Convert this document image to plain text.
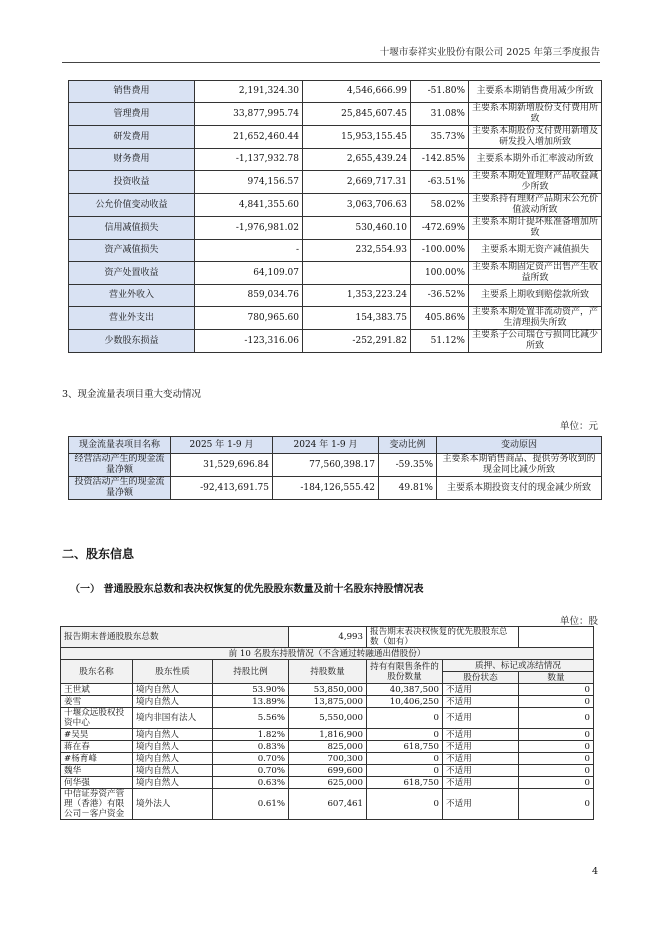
十堰市泰祥实业股份有限公司 2025 年第三季度报告
销售费用	2,191,324.30	4,546,666.99	-51.80%	主要系本期销售费用减少所致
管理费用	33,877,995.74	25,845,607.45	31.08%	主要系本期新增股份支付费用所致
研发费用	21,652,460.44	15,953,155.45	35.73%	主要系本期股份支付费用新增及研发投入增加所致
财务费用	-1,137,932.78	2,655,439.24	-142.85%	主要系本期外币汇率波动所致
投资收益	974,156.57	2,669,717.31	-63.51%	主要系本期处置理财产品收益减少所致
公允价值变动收益	4,841,355.60	3,063,706.63	58.02%	主要系持有理财产品期末公允价值波动所致
信用减值损失	-1,976,981.02	530,460.10	-472.69%	主要系本期计提坏账准备增加所致
资产减值损失	-	232,554.93	-100.00%	主要系本期无资产减值损失
资产处置收益	64,109.07		100.00%	主要系本期固定资产出售产生收益所致
营业外收入	859,034.76	1,353,223.24	-36.52%	主要系上期收到赔偿款所致
营业外支出	780,965.60	154,383.75	405.86%	主要系本期处置非流动资产，产生清理损失所致
少数股东损益	-123,316.06	-252,291.82	51.12%	主要系子公司瑞仓亏损同比减少所致
3、现金流量表项目重大变动情况
单位：元
现金流量表项目名称	2025 年 1-9 月	2024 年 1-9 月	变动比例	变动原因
经营活动产生的现金流量净额	31,529,696.84	77,560,398.17	-59.35%	主要系本期销售商品、提供劳务收到的现金同比减少所致
投资活动产生的现金流量净额	-92,413,691.75	-184,126,555.42	49.81%	主要系本期投资支付的现金减少所致
二、股东信息
（一） 普通股股东总数和表决权恢复的优先股股东数量及前十名股东持股情况表
单位：股
报告期末普通股股东总数			4,993	报告期末表决权恢复的优先股股东总数（如有）		
前 10 名股东持股情况（不含通过转融通出借股份）						
股东名称	股东性质	持股比例	持股数量	持有有限售条件的股份数量	质押、标记或冻结情况	
					股份状态	数量
王世斌	境内自然人	53.90%	53,850,000	40,387,500	不适用	0
姜雪	境内自然人	13.89%	13,875,000	10,406,250	不适用	0
十堰众远股权投资中心	境内非国有法人	5.56%	5,550,000	0	不适用	0
#吴昊	境内自然人	1.82%	1,816,900	0	不适用	0
蒋在春	境内自然人	0.83%	825,000	618,750	不适用	0
#杨育峰	境内自然人	0.70%	700,300	0	不适用	0
魏华	境内自然人	0.70%	699,600	0	不适用	0
何华强	境内自然人	0.63%	625,000	618,750	不适用	0
中信证券资产管理（香港）有限公司－客户资金	境外法人	0.61%	607,461	0	不适用	0
4
